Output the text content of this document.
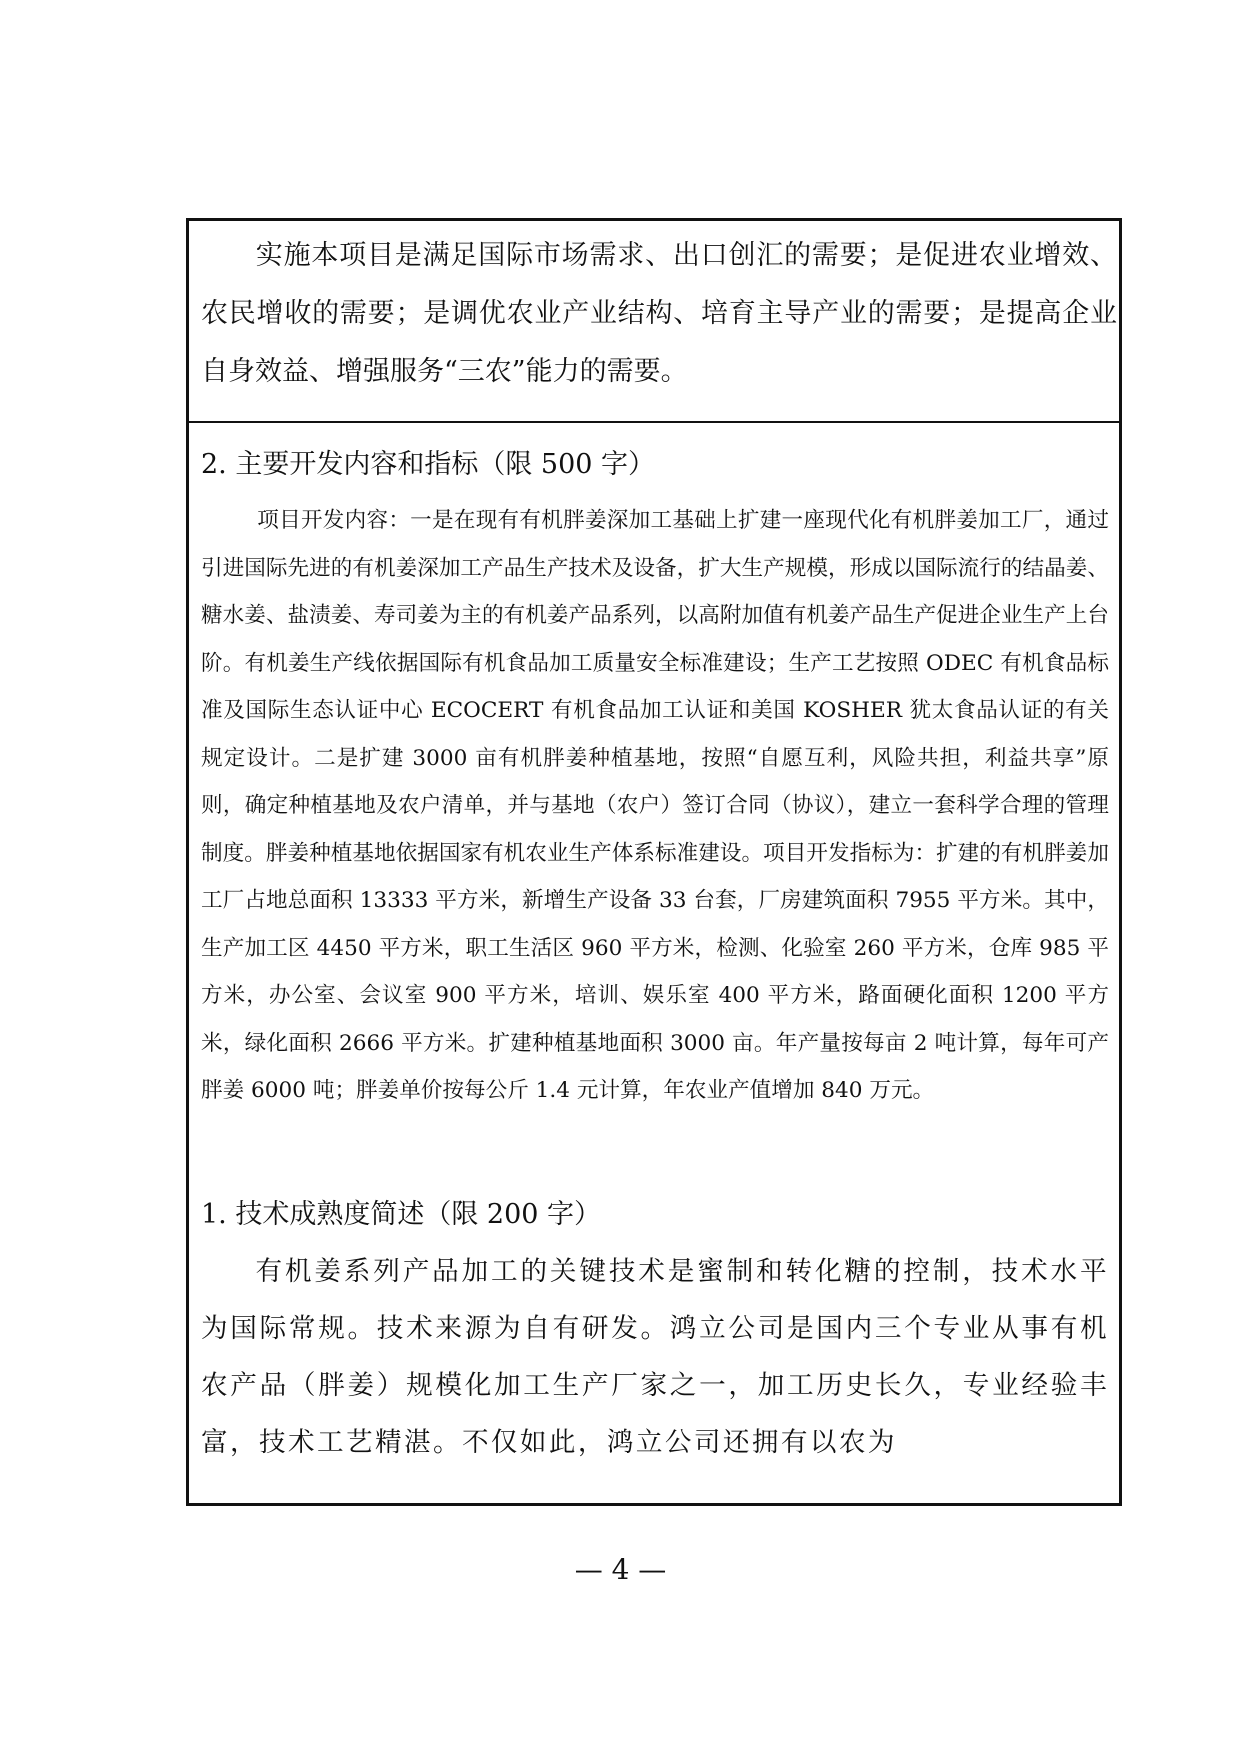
实施本项目是满足国际市场需求、出口创汇的需要；是促进农业增效、农民增收的需要；是调优农业产业结构、培育主导产业的需要；是提高企业自身效益、增强服务“三农”能力的需要。

2. 主要开发内容和指标（限 500 字）

项目开发内容：一是在现有有机胖姜深加工基础上扩建一座现代化有机胖姜加工厂，通过引进国际先进的有机姜深加工产品生产技术及设备，扩大生产规模，形成以国际流行的结晶姜、糖水姜、盐渍姜、寿司姜为主的有机姜产品系列，以高附加值有机姜产品生产促进企业生产上台阶。有机姜生产线依据国际有机食品加工质量安全标准建设；生产工艺按照 ODEC 有机食品标准及国际生态认证中心 ECOCERT 有机食品加工认证和美国 KOSHER 犹太食品认证的有关规定设计。二是扩建 3000 亩有机胖姜种植基地，按照“自愿互利，风险共担，利益共享”原则，确定种植基地及农户清单，并与基地（农户）签订合同（协议），建立一套科学合理的管理制度。胖姜种植基地依据国家有机农业生产体系标准建设。项目开发指标为：扩建的有机胖姜加工厂占地总面积 13333 平方米，新增生产设备 33 台套，厂房建筑面积 7955 平方米。其中，生产加工区 4450 平方米，职工生活区 960 平方米，检测、化验室 260 平方米，仓库 985 平方米，办公室、会议室 900 平方米，培训、娱乐室 400 平方米，路面硬化面积 1200 平方米，绿化面积 2666 平方米。扩建种植基地面积 3000 亩。年产量按每亩 2 吨计算，每年可产胖姜 6000 吨；胖姜单价按每公斤 1.4 元计算，年农业产值增加 840 万元。

1. 技术成熟度简述（限 200 字）

有机姜系列产品加工的关键技术是蜜制和转化糖的控制，技术水平为国际常规。技术来源为自有研发。鸿立公司是国内三个专业从事有机农产品（胖姜）规模化加工生产厂家之一，加工历史长久，专业经验丰富，技术工艺精湛。不仅如此，鸿立公司还拥有以农为

— 4 —
